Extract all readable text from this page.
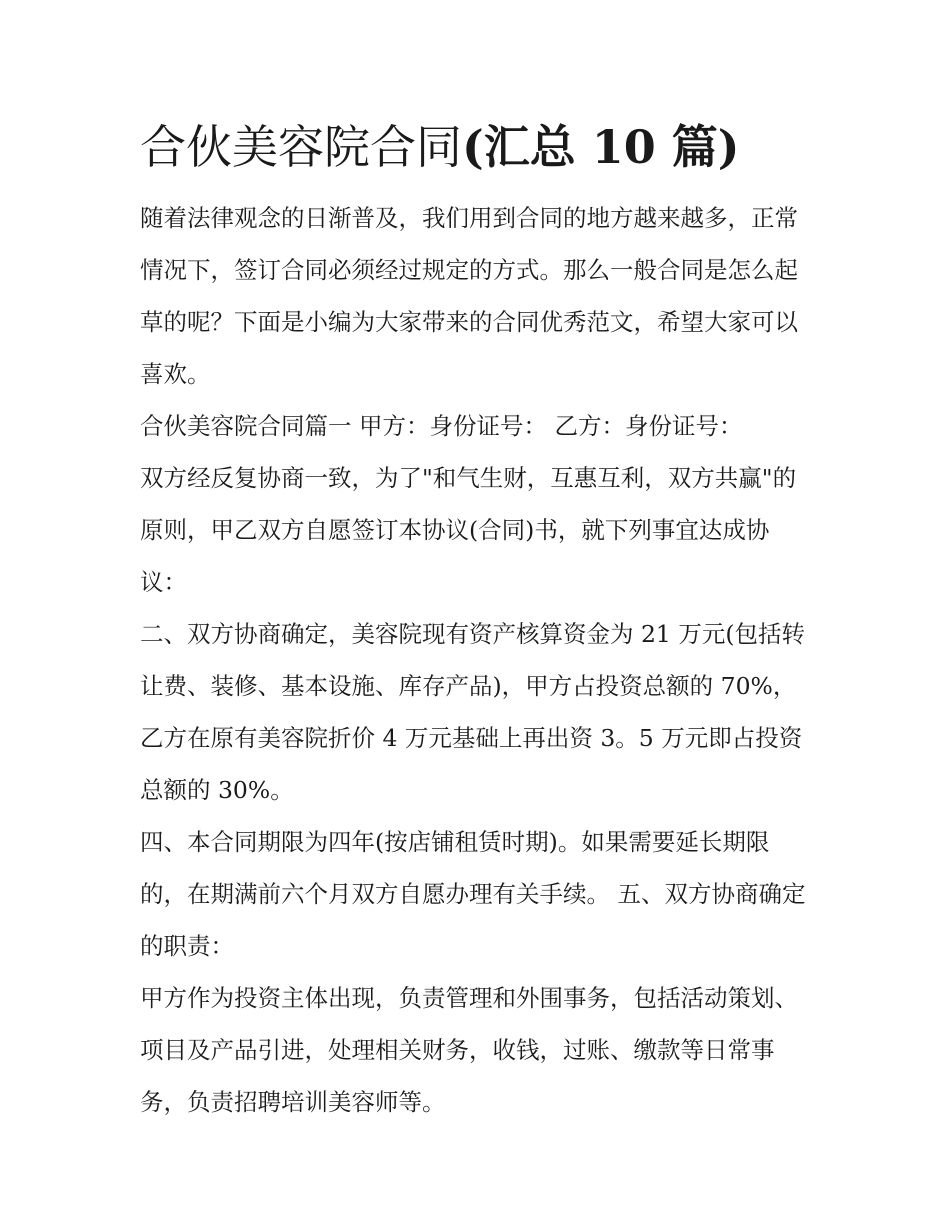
合伙美容院合同(汇总 10 篇)

随着法律观念的日渐普及，我们用到合同的地方越来越多，正常情况下，签订合同必须经过规定的方式。那么一般合同是怎么起草的呢？下面是小编为大家带来的合同优秀范文，希望大家可以喜欢。

合伙美容院合同篇一 甲方：身份证号： 乙方：身份证号：

双方经反复协商一致，为了"和气生财，互惠互利，双方共赢"的原则，甲乙双方自愿签订本协议(合同)书，就下列事宜达成协议：

二、双方协商确定，美容院现有资产核算资金为 21 万元(包括转让费、装修、基本设施、库存产品)，甲方占投资总额的 70%，乙方在原有美容院折价 4 万元基础上再出资 3。5 万元即占投资总额的 30%。

四、本合同期限为四年(按店铺租赁时期)。如果需要延长期限的，在期满前六个月双方自愿办理有关手续。 五、双方协商确定的职责：

甲方作为投资主体出现，负责管理和外围事务，包括活动策划、项目及产品引进，处理相关财务，收钱，过账、缴款等日常事务，负责招聘培训美容师等。
